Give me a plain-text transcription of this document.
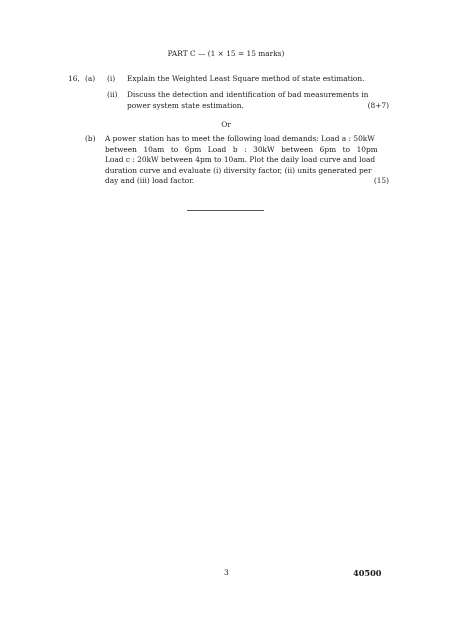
PART C — (1 × 15 = 15 marks)
16. (a) (i) Explain the Weighted Least Square method of state estimation.
(ii) Discuss the detection and identification of bad measurements in
power system state estimation.	(8+7)
Or
(b) A power station has to meet the following load demands: Load a : 50kW
between 10am to 6pm Load b : 30kW between 6pm to 10pm
Load c : 20kW between 4pm to 10am. Plot the daily load curve and load
duration curve and evaluate (i) diversity factor, (ii) units generated per
day and (iii) load factor.	(15)
3	40500
